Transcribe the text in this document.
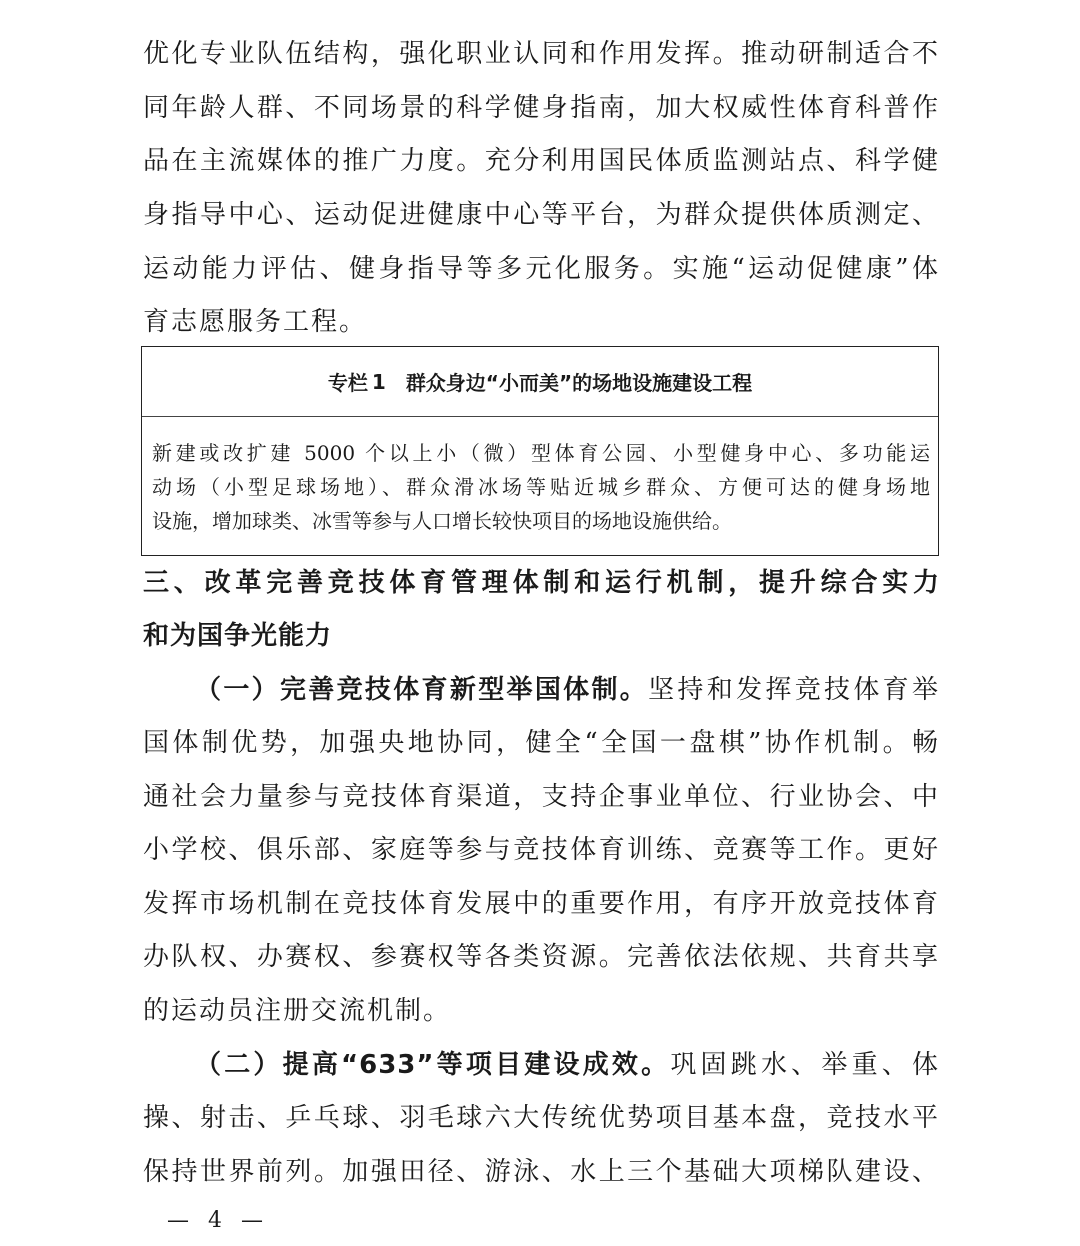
优化专业队伍结构，强化职业认同和作用发挥。推动研制适合不
同年龄人群、不同场景的科学健身指南，加大权威性体育科普作
品在主流媒体的推广力度。充分利用国民体质监测站点、科学健
身指导中心、运动促进健康中心等平台，为群众提供体质测定、
运动能力评估、健身指导等多元化服务。实施“运动促健康”体
育志愿服务工程。
专栏 1 群众身边“小而美”的场地设施建设工程
新建或改扩建 5000 个以上小（微）型体育公园、小型健身中心、多功能运
动场（小型足球场地）、群众滑冰场等贴近城乡群众、方便可达的健身场地
设施，增加球类、冰雪等参与人口增长较快项目的场地设施供给。
三、改革完善竞技体育管理体制和运行机制，提升综合实力
和为国争光能力
（一）完善竞技体育新型举国体制。坚持和发挥竞技体育举
国体制优势，加强央地协同，健全“全国一盘棋”协作机制。畅
通社会力量参与竞技体育渠道，支持企事业单位、行业协会、中
小学校、俱乐部、家庭等参与竞技体育训练、竞赛等工作。更好
发挥市场机制在竞技体育发展中的重要作用，有序开放竞技体育
办队权、办赛权、参赛权等各类资源。完善依法依规、共育共享
的运动员注册交流机制。
（二）提高“633”等项目建设成效。巩固跳水、举重、体
操、射击、乒乓球、羽毛球六大传统优势项目基本盘，竞技水平
保持世界前列。加强田径、游泳、水上三个基础大项梯队建设、
— 4 —
